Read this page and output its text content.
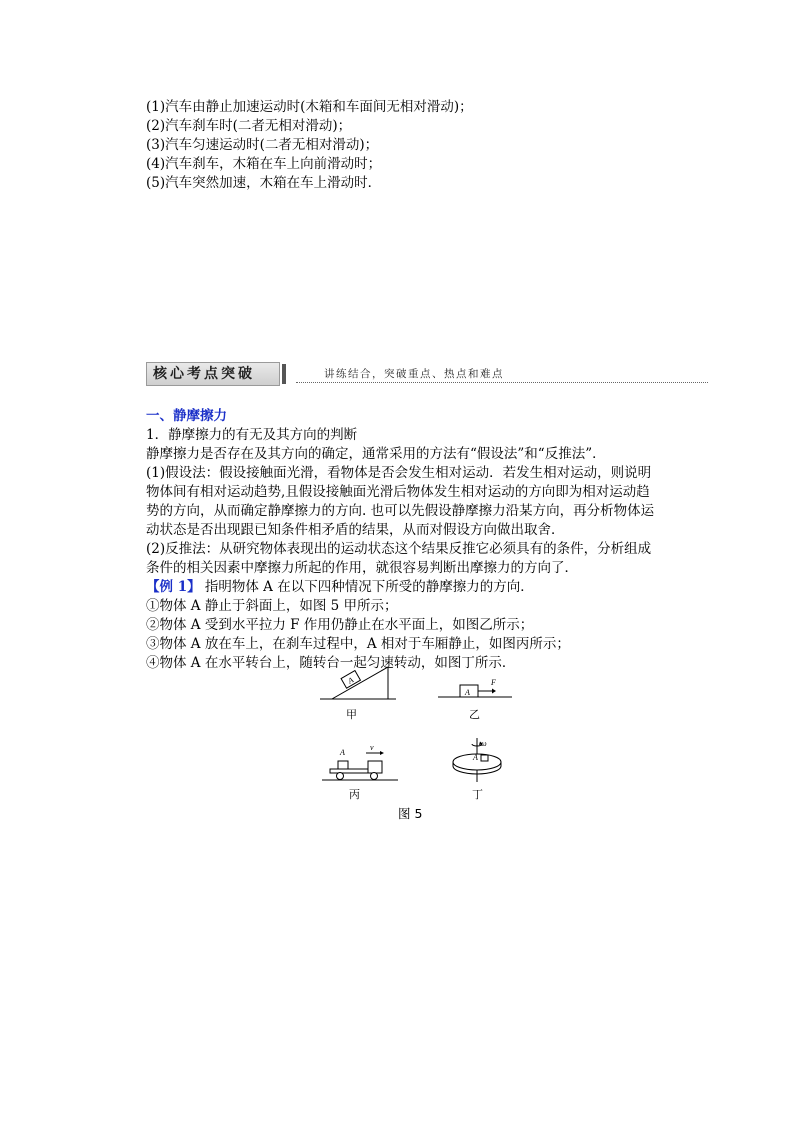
(1)汽车由静止加速运动时(木箱和车面间无相对滑动)；
(2)汽车刹车时(二者无相对滑动)；
(3)汽车匀速运动时(二者无相对滑动)；
(4)汽车刹车，木箱在车上向前滑动时；
(5)汽车突然加速，木箱在车上滑动时．
核心考点突破	讲练结合，突破重点、热点和难点
一、静摩擦力
1．静摩擦力的有无及其方向的判断
静摩擦力是否存在及其方向的确定，通常采用的方法有“假设法”和“反推法”．
(1)假设法：假设接触面光滑，看物体是否会发生相对运动．若发生相对运动，则说明
物体间有相对运动趋势,且假设接触面光滑后物体发生相对运动的方向即为相对运动趋
势的方向，从而确定静摩擦力的方向. 也可以先假设静摩擦力沿某方向，再分析物体运
动状态是否出现跟已知条件相矛盾的结果，从而对假设方向做出取舍．
(2)反推法：从研究物体表现出的运动状态这个结果反推它必须具有的条件，分析组成
条件的相关因素中摩擦力所起的作用，就很容易判断出摩擦力的方向了．
【例 1】 指明物体 A 在以下四种情况下所受的静摩擦力的方向．
①物体 A 静止于斜面上，如图 5 甲所示；
②物体 A 受到水平拉力 F 作用仍静止在水平面上，如图乙所示；
③物体 A 放在车上，在刹车过程中，A 相对于车厢静止，如图丙所示；
④物体 A 在水平转台上，随转台一起匀速转动，如图丁所示．
A
甲
A
F
乙
A
v
丙
ω
A
丁
图 5
